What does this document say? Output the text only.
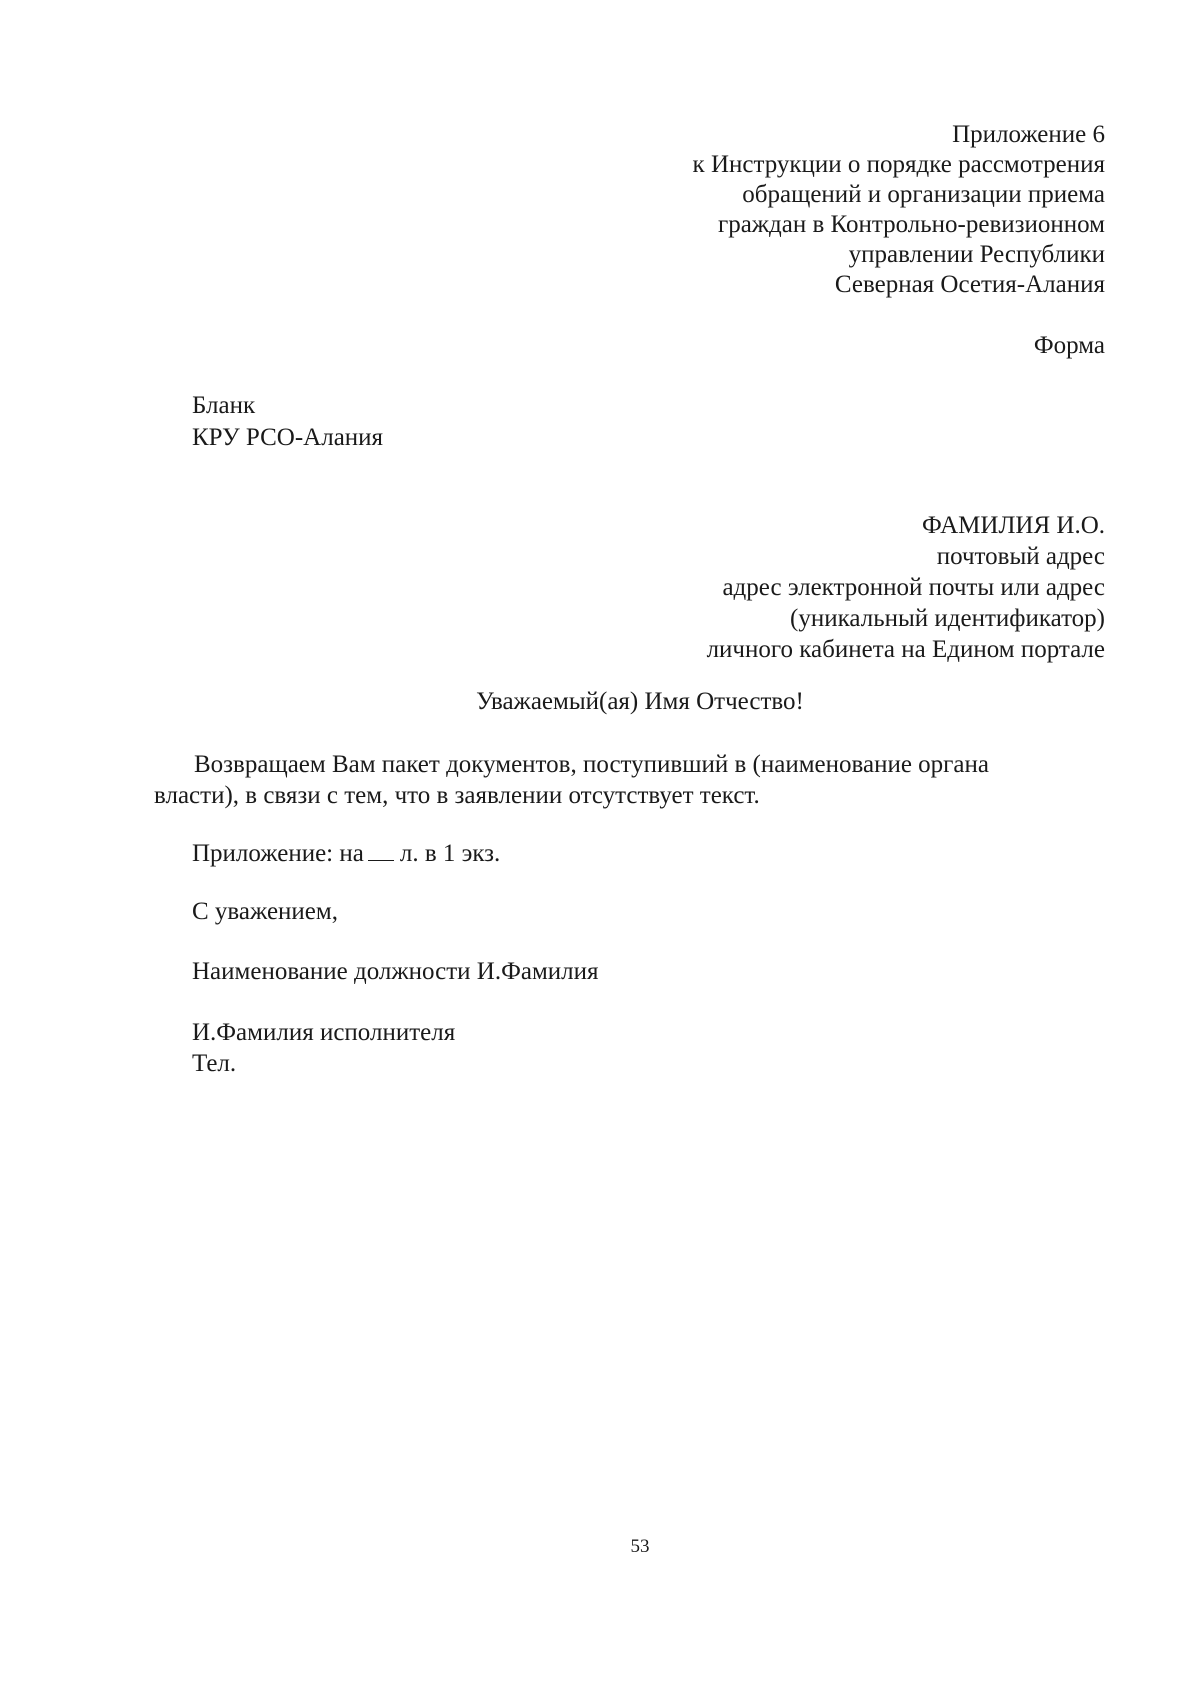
Приложение 6
к Инструкции о порядке рассмотрения
обращений и организации приема
граждан в Контрольно-ревизионном
управлении Республики
Северная Осетия-Алания
Форма
Бланк
КРУ РСО-Алания
ФАМИЛИЯ И.О.
почтовый адрес
адрес электронной почты или адрес
(уникальный идентификатор)
личного кабинета на Едином портале
Уважаемый(ая) Имя Отчество!
Возвращаем Вам пакет документов, поступивший в (наименование органа
власти), в связи с тем, что в заявлении отсутствует текст.
Приложение: на л. в 1 экз.
С уважением,
Наименование должности И.Фамилия
И.Фамилия исполнителя
Тел.
53
